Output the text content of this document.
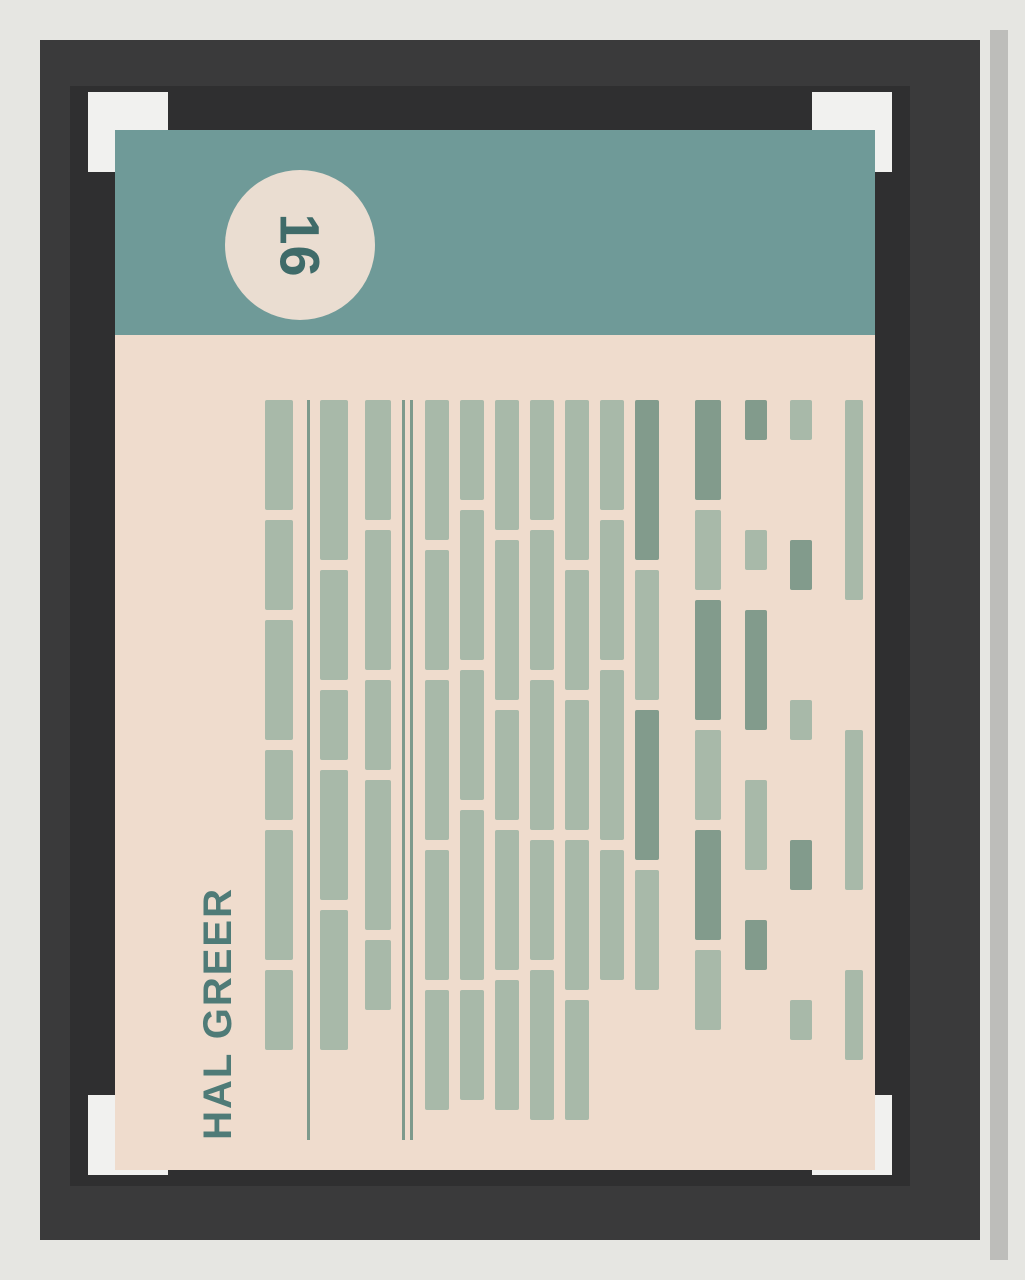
16
HAL GREER
